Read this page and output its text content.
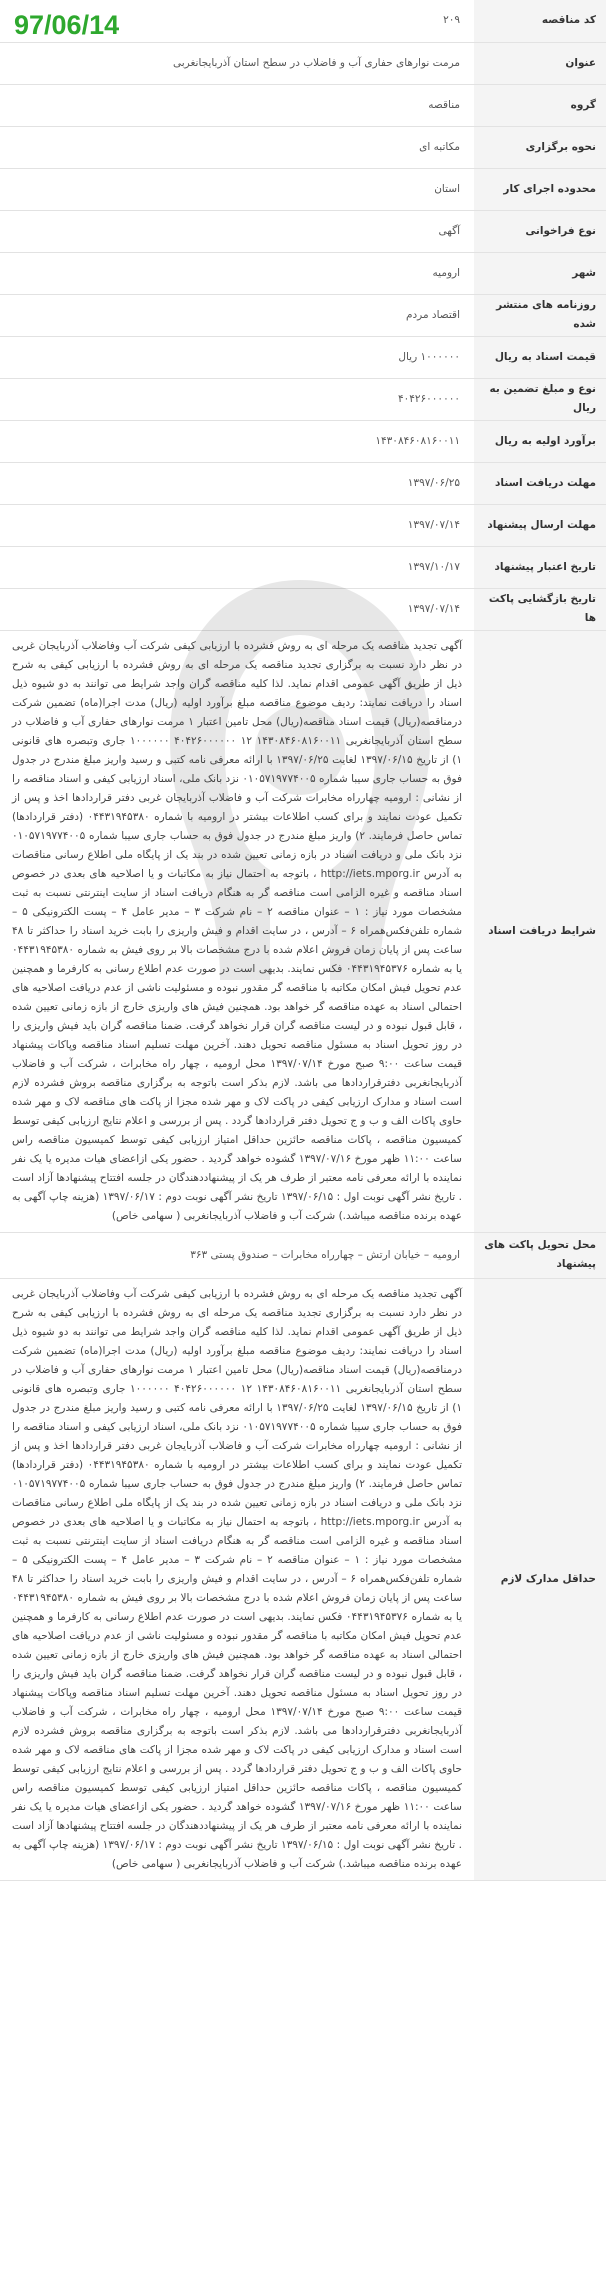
97/06/14	کد مناقصه	۲۰۹
عنوان	مرمت نوارهای حفاری آب و فاضلاب در سطح استان آذربایجانغربی
گروه	مناقصه
نحوه برگزاری	مکاتبه ای
محدوده اجرای کار	استان
نوع فراخوانی	آگهی
شهر	ارومیه
روزنامه های منتشر شده	اقتصاد مردم
قیمت اسناد به ریال	۱۰۰۰۰۰۰ ریال
نوع و مبلغ تضمین به ریال	۴۰۴۲۶۰۰۰۰۰۰
برآورد اولیه به ریال	۱۴۳۰۸۴۶۰۸۱۶۰۰۱۱
مهلت دریافت اسناد	۱۳۹۷/۰۶/۲۵
مهلت ارسال پیشنهاد	۱۳۹۷/۰۷/۱۴
تاریخ اعتبار پیشنهاد	۱۳۹۷/۱۰/۱۷
تاریخ بازگشایی پاکت ها	۱۳۹۷/۰۷/۱۴
شرایط دریافت اسناد	آگهی تجدید مناقصه یک مرحله ای به روش فشرده با ارزیابی کیفی شرکت آب وفاضلاب آذربایجان غربی در نظر دارد نسبت به برگزاری تجدید مناقصه یک مرحله ای به روش فشرده با ارزیابی کیفی به شرح ذیل از طریق آگهی عمومی اقدام نماید. لذا کلیه مناقصه گران واجد شرایط می توانند به دو شیوه ذیل اسناد را دریافت نمایند: ردیف موضوع مناقصه مبلغ برآورد اولیه (ریال) مدت اجرا(ماه) تضمین شرکت درمناقصه(ریال) قیمت اسناد مناقصه(ریال) محل تامین اعتبار ۱ مرمت نوارهای حفاری آب و فاضلاب در سطح استان آذربایجانغربی ۱۴۳۰۸۴۶۰۸۱۶۰۰۱۱ ۱۲ ۴۰۴۲۶۰۰۰۰۰۰ ۱۰۰۰۰۰۰ جاری وتبصره های قانونی ۱) از تاریخ ۱۳۹۷/۰۶/۱۵ لغایت ۱۳۹۷/۰۶/۲۵ با ارائه معرفی نامه کتبی و رسید واریز مبلغ مندرج در جدول فوق به حساب جاری سیبا شماره ۰۱۰۵۷۱۹۷۷۴۰۰۵ نزد بانک ملی، اسناد ارزیابی کیفی و اسناد مناقصه را از نشانی : ارومیه چهارراه مخابرات شرکت آب و فاضلاب آذربایجان غربی دفتر قراردادها اخذ و پس از تکمیل عودت نمایند و برای کسب اطلاعات بیشتر در ارومیه با شماره ۰۴۴۳۱۹۴۵۳۸۰ (دفتر قراردادها) تماس حاصل فرمایند. ۲) واریز مبلغ مندرج در جدول فوق به حساب جاری سیبا شماره ۰۱۰۵۷۱۹۷۷۴۰۰۵ نزد بانک ملی و دریافت اسناد در بازه زمانی تعیین شده در بند یک از پایگاه ملی اطلاع رسانی مناقصات به آدرس http://iets.mporg.ir ، باتوجه به احتمال نیاز به مکاتبات و یا اصلاحیه های بعدی در خصوص اسناد مناقصه و غیره الزامی است مناقصه گر به هنگام دریافت اسناد از سایت اینترنتی نسبت به ثبت مشخصات مورد نیاز : ۱ – عنوان مناقصه ۲ – نام شرکت ۳ – مدیر عامل ۴ – پست الکترونیکی ۵ – شماره تلفن‌فکس‌همراه ۶ – آدرس ، در سایت اقدام و فیش واریزی را بابت خرید اسناد را حداکثر تا ۴۸ ساعت پس از پایان زمان فروش اعلام شده با درج مشخصات بالا بر روی فیش به شماره ۰۴۴۳۱۹۴۵۳۸۰ یا به شماره ۰۴۴۳۱۹۴۵۳۷۶ فکس نمایند. بدیهی است در صورت عدم اطلاع رسانی به کارفرما و همچنین عدم تحویل فیش امکان مکاتبه با مناقصه گر مقدور نبوده و مسئولیت ناشی از عدم دریافت اصلاحیه های احتمالی اسناد به عهده مناقصه گر خواهد بود. همچنین فیش های واریزی خارج از بازه زمانی تعیین شده ، قابل قبول نبوده و در لیست مناقصه گران قرار نخواهد گرفت. ضمنا مناقصه گران باید فیش واریزی را در روز تحویل اسناد به مسئول مناقصه تحویل دهند. آخرین مهلت تسلیم اسناد مناقصه وپاکات پیشنهاد قیمت ساعت ۹:۰۰ صبح مورخ ۱۳۹۷/۰۷/۱۴ محل ارومیه ، چهار راه مخابرات ، شرکت آب و فاضلاب آذربایجانغربی دفترقراردادها می باشد. لازم بذکر است باتوجه به برگزاری مناقصه بروش فشرده لازم است اسناد و مدارک ارزیابی کیفی در پاکت لاک و مهر شده مجزا از پاکت های مناقصه لاک و مهر شده حاوی پاکات الف و ب و ج تحویل دفتر قراردادها گردد . پس از بررسی و اعلام نتایج ارزیابی کیفی توسط کمیسیون مناقصه ، پاکات مناقصه حائزین حداقل امتیاز ارزیابی کیفی توسط کمیسیون مناقصه راس ساعت ۱۱:۰۰ ظهر مورخ ۱۳۹۷/۰۷/۱۶ گشوده خواهد گردید . حضور یکی ازاعضای هیات مدیره یا یک نفر نماینده با ارائه معرفی نامه معتبر از طرف هر یک از پیشنهاددهندگان در جلسه افتتاح پیشنهادها آزاد است . تاریخ نشر آگهی نوبت اول : ۱۳۹۷/۰۶/۱۵ تاریخ نشر آگهی نوبت دوم : ۱۳۹۷/۰۶/۱۷ (هزینه چاپ آگهی به عهده برنده مناقصه میباشد.) شرکت آب و فاضلاب آذربایجانغربی ( سهامی خاص)

محل تحویل پاکت های پیشنهاد	ارومیه – خیابان ارتش – چهارراه مخابرات – صندوق پستی ۳۶۳
حداقل مدارک لازم	آگهی تجدید مناقصه یک مرحله ای به روش فشرده با ارزیابی کیفی شرکت آب وفاضلاب آذربایجان غربی در نظر دارد نسبت به برگزاری تجدید مناقصه یک مرحله ای به روش فشرده با ارزیابی کیفی به شرح ذیل از طریق آگهی عمومی اقدام نماید. لذا کلیه مناقصه گران واجد شرایط می توانند به دو شیوه ذیل اسناد را دریافت نمایند: ردیف موضوع مناقصه مبلغ برآورد اولیه (ریال) مدت اجرا(ماه) تضمین شرکت درمناقصه(ریال) قیمت اسناد مناقصه(ریال) محل تامین اعتبار ۱ مرمت نوارهای حفاری آب و فاضلاب در سطح استان آذربایجانغربی ۱۴۳۰۸۴۶۰۸۱۶۰۰۱۱ ۱۲ ۴۰۴۲۶۰۰۰۰۰۰ ۱۰۰۰۰۰۰ جاری وتبصره های قانونی ۱) از تاریخ ۱۳۹۷/۰۶/۱۵ لغایت ۱۳۹۷/۰۶/۲۵ با ارائه معرفی نامه کتبی و رسید واریز مبلغ مندرج در جدول فوق به حساب جاری سیبا شماره ۰۱۰۵۷۱۹۷۷۴۰۰۵ نزد بانک ملی، اسناد ارزیابی کیفی و اسناد مناقصه را از نشانی : ارومیه چهارراه مخابرات شرکت آب و فاضلاب آذربایجان غربی دفتر قراردادها اخذ و پس از تکمیل عودت نمایند و برای کسب اطلاعات بیشتر در ارومیه با شماره ۰۴۴۳۱۹۴۵۳۸۰ (دفتر قراردادها) تماس حاصل فرمایند. ۲) واریز مبلغ مندرج در جدول فوق به حساب جاری سیبا شماره ۰۱۰۵۷۱۹۷۷۴۰۰۵ نزد بانک ملی و دریافت اسناد در بازه زمانی تعیین شده در بند یک از پایگاه ملی اطلاع رسانی مناقصات به آدرس http://iets.mporg.ir ، باتوجه به احتمال نیاز به مکاتبات و یا اصلاحیه های بعدی در خصوص اسناد مناقصه و غیره الزامی است مناقصه گر به هنگام دریافت اسناد از سایت اینترنتی نسبت به ثبت مشخصات مورد نیاز : ۱ – عنوان مناقصه ۲ – نام شرکت ۳ – مدیر عامل ۴ – پست الکترونیکی ۵ – شماره تلفن‌فکس‌همراه ۶ – آدرس ، در سایت اقدام و فیش واریزی را بابت خرید اسناد را حداکثر تا ۴۸ ساعت پس از پایان زمان فروش اعلام شده با درج مشخصات بالا بر روی فیش به شماره ۰۴۴۳۱۹۴۵۳۸۰ یا به شماره ۰۴۴۳۱۹۴۵۳۷۶ فکس نمایند. بدیهی است در صورت عدم اطلاع رسانی به کارفرما و همچنین عدم تحویل فیش امکان مکاتبه با مناقصه گر مقدور نبوده و مسئولیت ناشی از عدم دریافت اصلاحیه های احتمالی اسناد به عهده مناقصه گر خواهد بود. همچنین فیش های واریزی خارج از بازه زمانی تعیین شده ، قابل قبول نبوده و در لیست مناقصه گران قرار نخواهد گرفت. ضمنا مناقصه گران باید فیش واریزی را در روز تحویل اسناد به مسئول مناقصه تحویل دهند. آخرین مهلت تسلیم اسناد مناقصه وپاکات پیشنهاد قیمت ساعت ۹:۰۰ صبح مورخ ۱۳۹۷/۰۷/۱۴ محل ارومیه ، چهار راه مخابرات ، شرکت آب و فاضلاب آذربایجانغربی دفترقراردادها می باشد. لازم بذکر است باتوجه به برگزاری مناقصه بروش فشرده لازم است اسناد و مدارک ارزیابی کیفی در پاکت لاک و مهر شده مجزا از پاکت های مناقصه لاک و مهر شده حاوی پاکات الف و ب و ج تحویل دفتر قراردادها گردد . پس از بررسی و اعلام نتایج ارزیابی کیفی توسط کمیسیون مناقصه ، پاکات مناقصه حائزین حداقل امتیاز ارزیابی کیفی توسط کمیسیون مناقصه راس ساعت ۱۱:۰۰ ظهر مورخ ۱۳۹۷/۰۷/۱۶ گشوده خواهد گردید . حضور یکی ازاعضای هیات مدیره یا یک نفر نماینده با ارائه معرفی نامه معتبر از طرف هر یک از پیشنهاددهندگان در جلسه افتتاح پیشنهادها آزاد است . تاریخ نشر آگهی نوبت اول : ۱۳۹۷/۰۶/۱۵ تاریخ نشر آگهی نوبت دوم : ۱۳۹۷/۰۶/۱۷ (هزینه چاپ آگهی به عهده برنده مناقصه میباشد.) شرکت آب و فاضلاب آذربایجانغربی ( سهامی خاص)
